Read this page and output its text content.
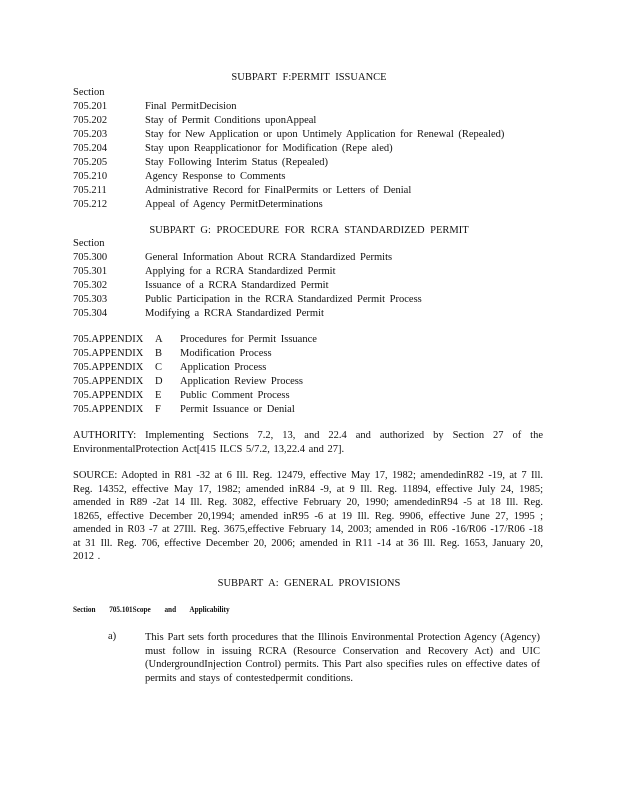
SUBPART F:PERMIT ISSUANCE
Section
705.201	Final PermitDecision
705.202	Stay of Permit Conditions uponAppeal
705.203	Stay for New Application or upon Untimely Application for Renewal (Repealed)
705.204	Stay upon Reapplicationor for Modification (Repe aled)
705.205	Stay Following Interim Status (Repealed)
705.210	Agency Response to Comments
705.211	Administrative Record for FinalPermits or Letters of Denial
705.212	Appeal of Agency PermitDeterminations
SUBPART G: PROCEDURE FOR RCRA STANDARDIZED PERMIT
Section
705.300	General Information About RCRA Standardized Permits
705.301	Applying for a RCRA Standardized Permit
705.302	Issuance of a RCRA Standardized Permit
705.303	Public Participation in the RCRA Standardized Permit Process
705.304	Modifying a RCRA Standardized Permit
705.APPENDIX A Procedures for Permit Issuance
705.APPENDIX B Modification Process
705.APPENDIX C Application Process
705.APPENDIX D Application Review Process
705.APPENDIX E Public Comment Process
705.APPENDIX F Permit Issuance or Denial
AUTHORITY: Implementing Sections 7.2, 13, and 22.4 and authorized by Section 27 of the EnvironmentalProtection Act[415 ILCS 5/7.2, 13,22.4 and 27].
SOURCE: Adopted in R81 -32 at 6 Ill. Reg. 12479, effective May 17, 1982; amendedinR82 -19, at 7 Ill. Reg. 14352, effective May 17, 1982; amended inR84 -9, at 9 Ill. Reg. 11894, effective July 24, 1985; amended in R89 -2at 14 Ill. Reg. 3082, effective February 20, 1990; amendedinR94 -5 at 18 Ill. Reg. 18265, effective December 20,1994; amended inR95 -6 at 19 Ill. Reg. 9906, effective June 27, 1995 ; amended in R03 -7 at 27Ill. Reg. 3675,effective February 14, 2003; amended in R06 -16/R06 -17/R06 -18 at 31 Ill. Reg. 706, effective December 20, 2006; amended in R11 -14 at 36 Ill. Reg. 1653, January 20, 2012 .
SUBPART A: GENERAL PROVISIONS
Section 705.101Scope and Applicability
a)	This Part sets forth procedures that the Illinois Environmental Protection Agency (Agency) must follow in issuing RCRA (Resource Conservation and Recovery Act) and UIC (UndergroundInjection Control) permits. This Part also specifies rules on effective dates of permits and stays of contestedpermit conditions.
